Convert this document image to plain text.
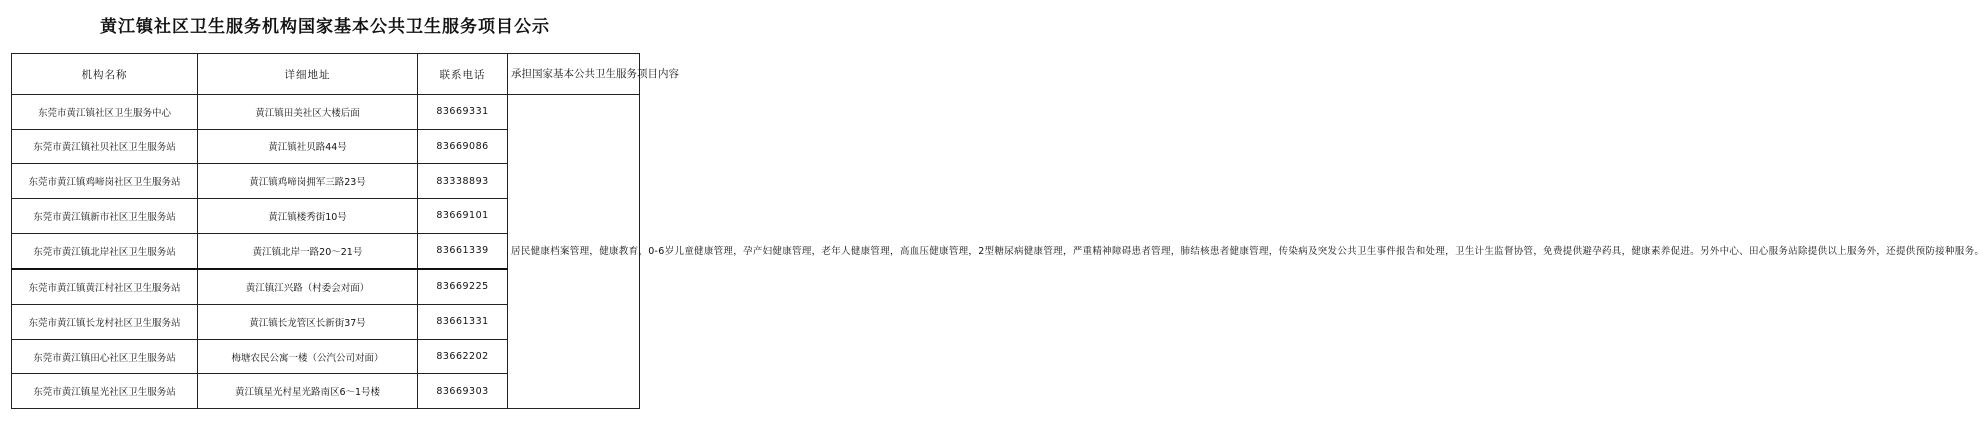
黄江镇社区卫生服务机构国家基本公共卫生服务项目公示
机构名称	详细地址	联系电话	承担国家基本公共卫生服务项目内容
东莞市黄江镇社区卫生服务中心	黄江镇田美社区大楼后面	83669331	居民健康档案管理，健康教育，0-6岁儿童健康管理，孕产妇健康管理，老年人健康管理，高血压健康管理，2型糖尿病健康管理，严重精神障碍患者管理，肺结核患者健康管理，传染病及突发公共卫生事件报告和处理，卫生计生监督协管，免费提供避孕药具，健康素养促进。另外中心、田心服务站除提供以上服务外，还提供预防接种服务。
东莞市黄江镇社贝社区卫生服务站	黄江镇社贝路44号	83669086	
东莞市黄江镇鸡啼岗社区卫生服务站	黄江镇鸡啼岗拥军三路23号	83338893	
东莞市黄江镇新市社区卫生服务站	黄江镇楼秀街10号	83669101	
东莞市黄江镇北岸社区卫生服务站	黄江镇北岸一路20～21号	83661339	
东莞市黄江镇黄江村社区卫生服务站	黄江镇江兴路（村委会对面）	83669225	
东莞市黄江镇长龙村社区卫生服务站	黄江镇长龙管区长新街37号	83661331	
东莞市黄江镇田心社区卫生服务站	梅塘农民公寓一楼（公汽公司对面）	83662202	
东莞市黄江镇星光社区卫生服务站	黄江镇星光村星光路南区6～1号楼	83669303	
